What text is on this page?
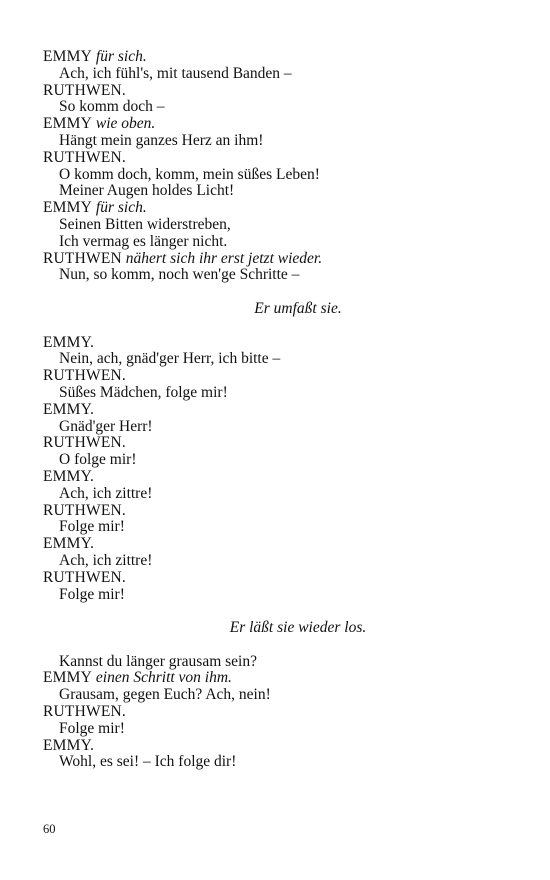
EMMY für sich.
Ach, ich fühl's, mit tausend Banden –
RUTHWEN.
So komm doch –
EMMY wie oben.
Hängt mein ganzes Herz an ihm!
RUTHWEN.
O komm doch, komm, mein süßes Leben!
Meiner Augen holdes Licht!
EMMY für sich.
Seinen Bitten widerstreben,
Ich vermag es länger nicht.
RUTHWEN nähert sich ihr erst jetzt wieder.
Nun, so komm, noch wen'ge Schritte –
Er umfaßt sie.
EMMY.
Nein, ach, gnäd'ger Herr, ich bitte –
RUTHWEN.
Süßes Mädchen, folge mir!
EMMY.
Gnäd'ger Herr!
RUTHWEN.
O folge mir!
EMMY.
Ach, ich zittre!
RUTHWEN.
Folge mir!
EMMY.
Ach, ich zittre!
RUTHWEN.
Folge mir!
Er läßt sie wieder los.
Kannst du länger grausam sein?
EMMY einen Schritt von ihm.
Grausam, gegen Euch? Ach, nein!
RUTHWEN.
Folge mir!
EMMY.
Wohl, es sei! – Ich folge dir!
60
